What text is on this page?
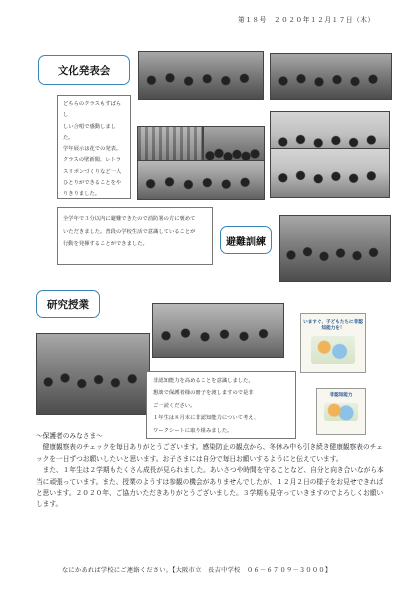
第１８号　２０２０年１２月１７日（木）
文化発表会

どちらのクラスもすばらし

しい合唱で感動しました。

学年展示は花での発表。

クラスの壁新聞、レトラ

スリボンづくりなど一人

ひとりができることをや

りきりました。

全学年で３分以内に避難できたので消防署の方に褒めて

いただきました。普段の学校生活で意識していることが

行動を発揮することができました。	避難訓練
研究授業
いますぐ、子どもたちに非認知能力を！

非認知能力を高めることを意識しました。

懇談で保護者様の冊子を渡しますので是非

ご一読ください。

１年生は８月末に非認知能力について考え、

ワークシートに取り組みました。

非認知能力

～保護者のみなさま～

　健康観察表のチェックを毎日ありがとうございます。感染防止の観点から、冬休み中も引き続き健康観察表のチェックを一日ずつお願いしたいと思います。お子さまには自分で毎日お願いするようにと伝えています。

　また、１年生は２学期もたくさん成長が見られました。あいさつや時間を守ることなど、自分と向き合いながら本当に頑張っています。また、授業のようすは参観の機会がありませんでしたが、１２月２日の様子をお見せできればと思います。２０２０年、ご協力いただきありがとうございました。３学期も見守っていきますのでよろしくお願いします。

なにかあれば学校にご連絡ください。【大阪市立　長吉中学校　０６－６７０９－３０００】
